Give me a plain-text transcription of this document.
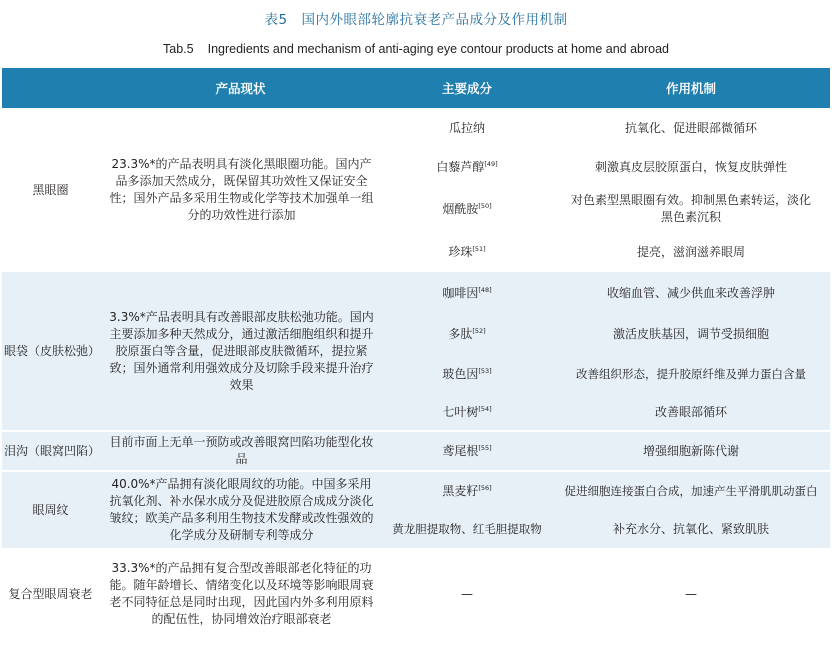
表5 国内外眼部轮廓抗衰老产品成分及作用机制
Tab.5 Ingredients and mechanism of anti-aging eye contour products at home and abroad
	产品现状	主要成分	作用机制
黑眼圈	23.3%*的产品表明具有淡化黑眼圈功能。国内产品多添加天然成分，既保留其功效性又保证安全性；国外产品多采用生物或化学等技术加强单一组分的功效性进行添加	瓜拉纳	抗氧化、促进眼部微循环
		白藜芦醇[49]	刺激真皮层胶原蛋白，恢复皮肤弹性
		烟酰胺[50]	对色素型黑眼圈有效。抑制黑色素转运，淡化黑色素沉积
		珍珠[51]	提亮，滋润滋养眼周
眼袋（皮肤松弛）	3.3%*产品表明具有改善眼部皮肤松弛功能。国内主要添加多种天然成分，通过激活细胞组织和提升胶原蛋白等含量，促进眼部皮肤微循环，提拉紧致；国外通常利用强效成分及切除手段来提升治疗效果	咖啡因[48]	收缩血管、减少供血来改善浮肿
		多肽[52]	激活皮肤基因，调节受损细胞
		玻色因[53]	改善组织形态，提升胶原纤维及弹力蛋白含量
		七叶树[54]	改善眼部循环

泪沟（眼窝凹陷）	目前市面上无单一预防或改善眼窝凹陷功能型化妆品	鸢尾根[55]	增强细胞新陈代谢

眼周纹	40.0%*产品拥有淡化眼周纹的功能。中国多采用抗氧化剂、补水保水成分及促进胶原合成成分淡化皱纹；欧美产品多利用生物技术发酵或改性强效的化学成分及研制专利等成分	黑麦籽[56]	促进细胞连接蛋白合成，加速产生平滑肌肌动蛋白
		黄龙胆提取物、红毛胆提取物	补充水分、抗氧化、紧致肌肤

复合型眼周衰老	33.3%*的产品拥有复合型改善眼部老化特征的功能。随年龄增长、情绪变化以及环境等影响眼周衰老不同特征总是同时出现，因此国内外多利用原料的配伍性，协同增效治疗眼部衰老	—	—
